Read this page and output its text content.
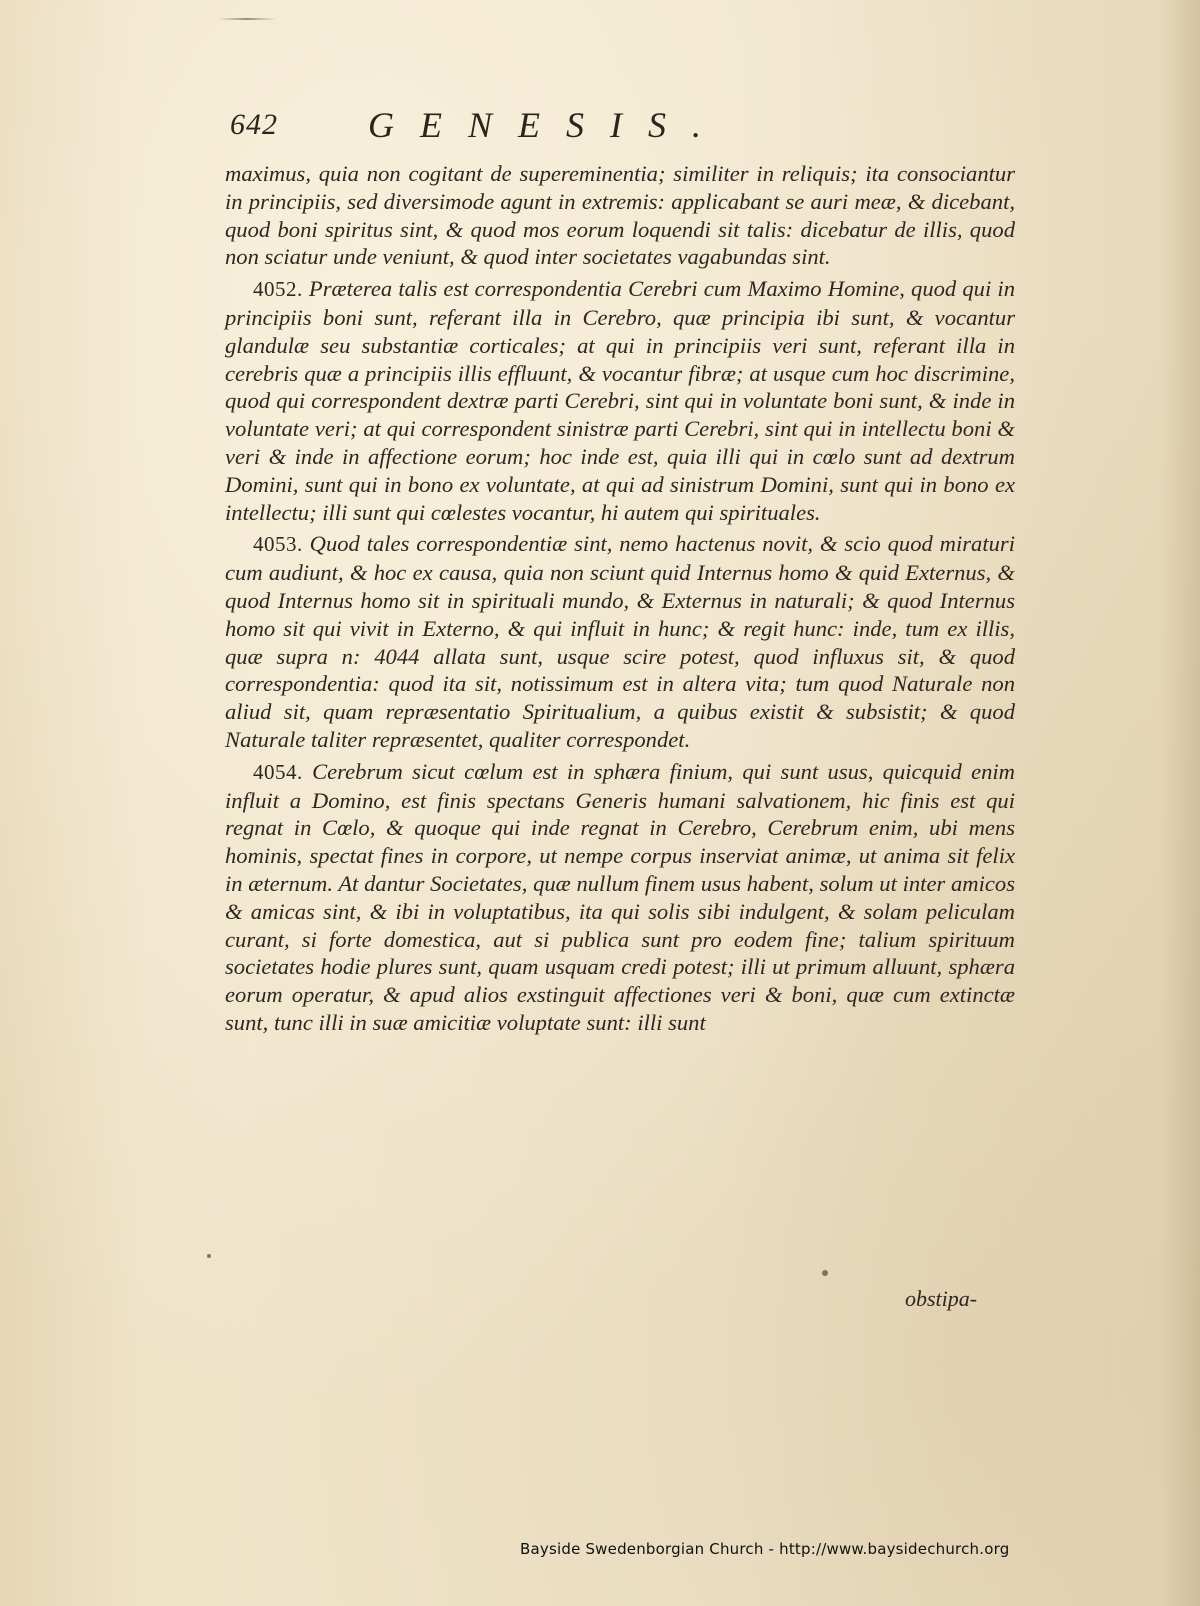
642	GENESIS.

maximus, quia non cogitant de supereminentia; similiter in reliquis; ita consociantur in principiis, sed diversimode agunt in extremis: applicabant se auri meæ, & dicebant, quod boni spiritus sint, & quod mos eorum loquendi sit talis: dicebatur de illis, quod non sciatur unde veniunt, & quod inter societates vagabundas sint.

4052. Præterea talis est correspondentia Cerebri cum Maximo Homine, quod qui in principiis boni sunt, referant illa in Cerebro, quæ principia ibi sunt, & vocantur glandulæ seu substantiæ corticales; at qui in principiis veri sunt, referant illa in cerebris quæ a principiis illis effluunt, & vocantur fibræ; at usque cum hoc discrimine, quod qui correspondent dextræ parti Cerebri, sint qui in voluntate boni sunt, & inde in voluntate veri; at qui correspondent sinistræ parti Cerebri, sint qui in intellectu boni & veri & inde in affectione eorum; hoc inde est, quia illi qui in cœlo sunt ad dextrum Domini, sunt qui in bono ex voluntate, at qui ad sinistrum Domini, sunt qui in bono ex intellectu; illi sunt qui cœlestes vocantur, hi autem qui spirituales.

4053. Quod tales correspondentiæ sint, nemo hactenus novit, & scio quod miraturi cum audiunt, & hoc ex causa, quia non sciunt quid Internus homo & quid Externus, & quod Internus homo sit in spirituali mundo, & Externus in naturali; & quod Internus homo sit qui vivit in Externo, & qui influit in hunc; & regit hunc: inde, tum ex illis, quæ supra n: 4044 allata sunt, usque scire potest, quod influxus sit, & quod correspondentia: quod ita sit, notissimum est in altera vita; tum quod Naturale non aliud sit, quam repræsentatio Spiritualium, a quibus existit & subsistit; & quod Naturale taliter repræsentet, qualiter correspondet.

4054. Cerebrum sicut cœlum est in sphæra finium, qui sunt usus, quicquid enim influit a Domino, est finis spectans Generis humani salvationem, hic finis est qui regnat in Cœlo, & quoque qui inde regnat in Cerebro, Cerebrum enim, ubi mens hominis, spectat fines in corpore, ut nempe corpus inserviat animæ, ut anima sit felix in æternum. At dantur Societates, quæ nullum finem usus habent, solum ut inter amicos & amicas sint, & ibi in voluptatibus, ita qui solis sibi indulgent, & solam peliculam curant, si forte domestica, aut si publica sunt pro eodem fine; talium spirituum societates hodie plures sunt, quam usquam credi potest; illi ut primum alluunt, sphæra eorum operatur, & apud alios exstinguit affectiones veri & boni, quæ cum extinctæ sunt, tunc illi in suæ amicitiæ voluptate sunt: illi sunt

obstipa-
Bayside Swedenborgian Church - http://www.baysidechurch.org
